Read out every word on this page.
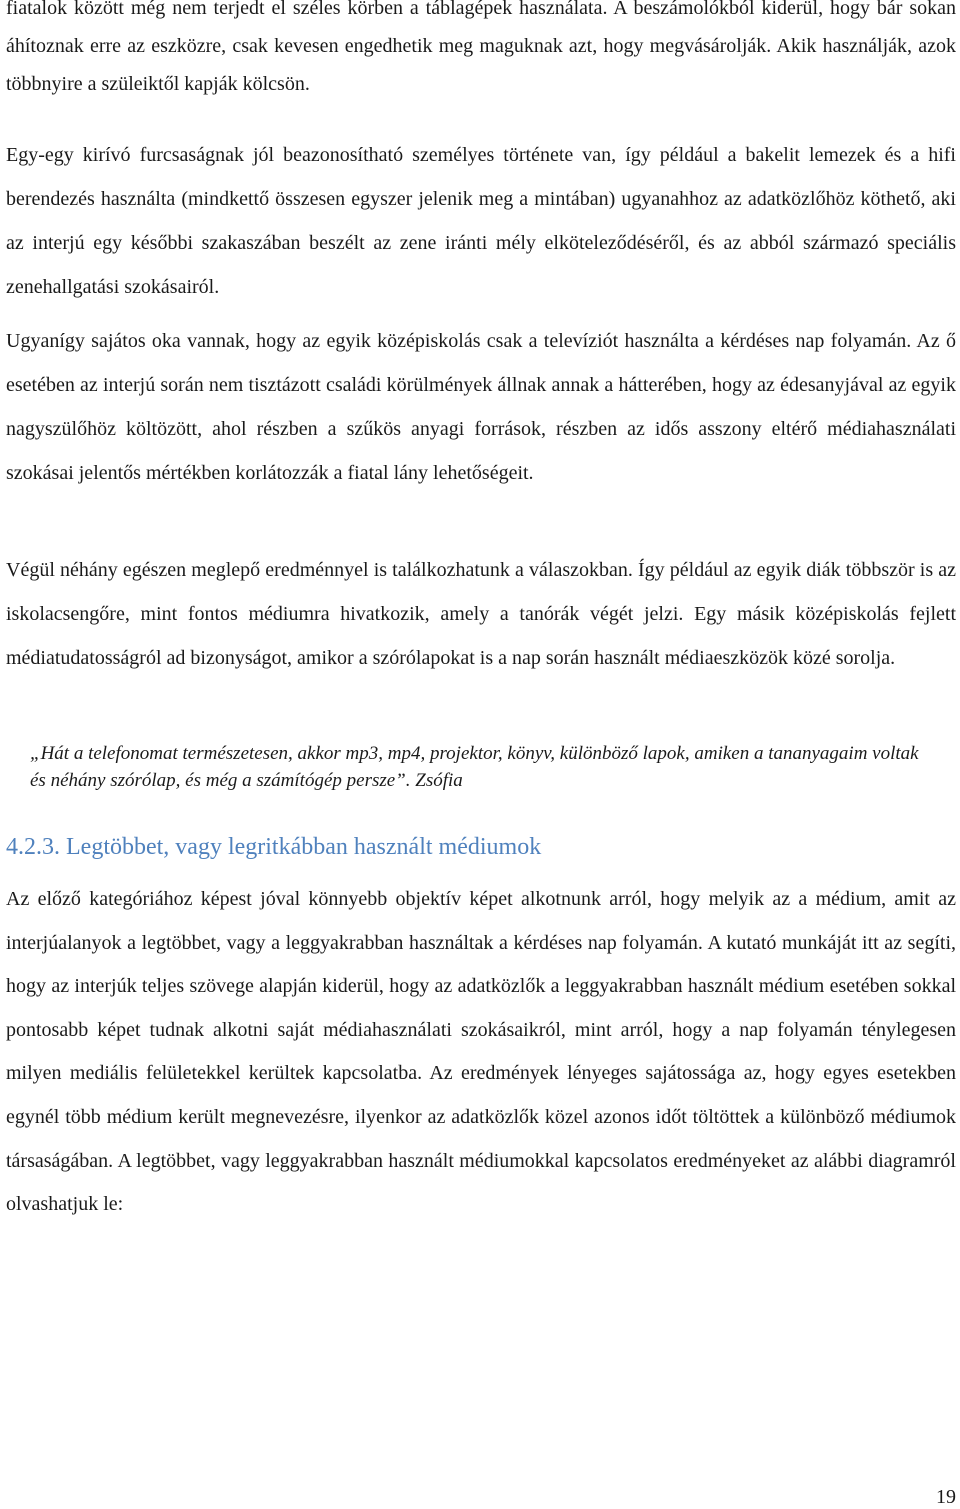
fiatalok között még nem terjedt el széles körben a táblagépek használata. A beszámolókból kiderül, hogy bár sokan áhítoznak erre az eszközre, csak kevesen engedhetik meg maguknak azt, hogy megvásárolják. Akik használják, azok többnyire a szüleiktől kapják kölcsön.

Egy-egy kirívó furcsaságnak jól beazonosítható személyes története van, így például a bakelit lemezek és a hifi berendezés használta (mindkettő összesen egyszer jelenik meg a mintában) ugyanahhoz az adatközlőhöz köthető, aki az interjú egy későbbi szakaszában beszélt az zene iránti mély elköteleződéséről, és az abból származó speciális zenehallgatási szokásairól.

Ugyanígy sajátos oka vannak, hogy az egyik középiskolás csak a televíziót használta a kérdéses nap folyamán. Az ő esetében az interjú során nem tisztázott családi körülmények állnak annak a hátterében, hogy az édesanyjával az egyik nagyszülőhöz költözött, ahol részben a szűkös anyagi források, részben az idős asszony eltérő médiahasználati szokásai jelentős mértékben korlátozzák a fiatal lány lehetőségeit.

Végül néhány egészen meglepő eredménnyel is találkozhatunk a válaszokban. Így például az egyik diák többször is az iskolacsengőre, mint fontos médiumra hivatkozik, amely a tanórák végét jelzi. Egy másik középiskolás fejlett médiatudatosságról ad bizonyságot, amikor a szórólapokat is a nap során használt médiaeszközök közé sorolja.

„Hát a telefonomat természetesen, akkor mp3, mp4, projektor, könyv, különböző lapok, amiken a tananyagaim voltak és néhány szórólap, és még a számítógép persze”. Zsófia

4.2.3. Legtöbbet, vagy legritkábban használt médiumok

Az előző kategóriához képest jóval könnyebb objektív képet alkotnunk arról, hogy melyik az a médium, amit az interjúalanyok a legtöbbet, vagy a leggyakrabban használtak a kérdéses nap folyamán. A kutató munkáját itt az segíti, hogy az interjúk teljes szövege alapján kiderül, hogy az adatközlők a leggyakrabban használt médium esetében sokkal pontosabb képet tudnak alkotni saját médiahasználati szokásaikról, mint arról, hogy a nap folyamán ténylegesen milyen mediális felületekkel kerültek kapcsolatba. Az eredmények lényeges sajátossága az, hogy egyes esetekben egynél több médium került megnevezésre, ilyenkor az adatközlők közel azonos időt töltöttek a különböző médiumok társaságában. A legtöbbet, vagy leggyakrabban használt médiumokkal kapcsolatos eredményeket az alábbi diagramról olvashatjuk le:

19
